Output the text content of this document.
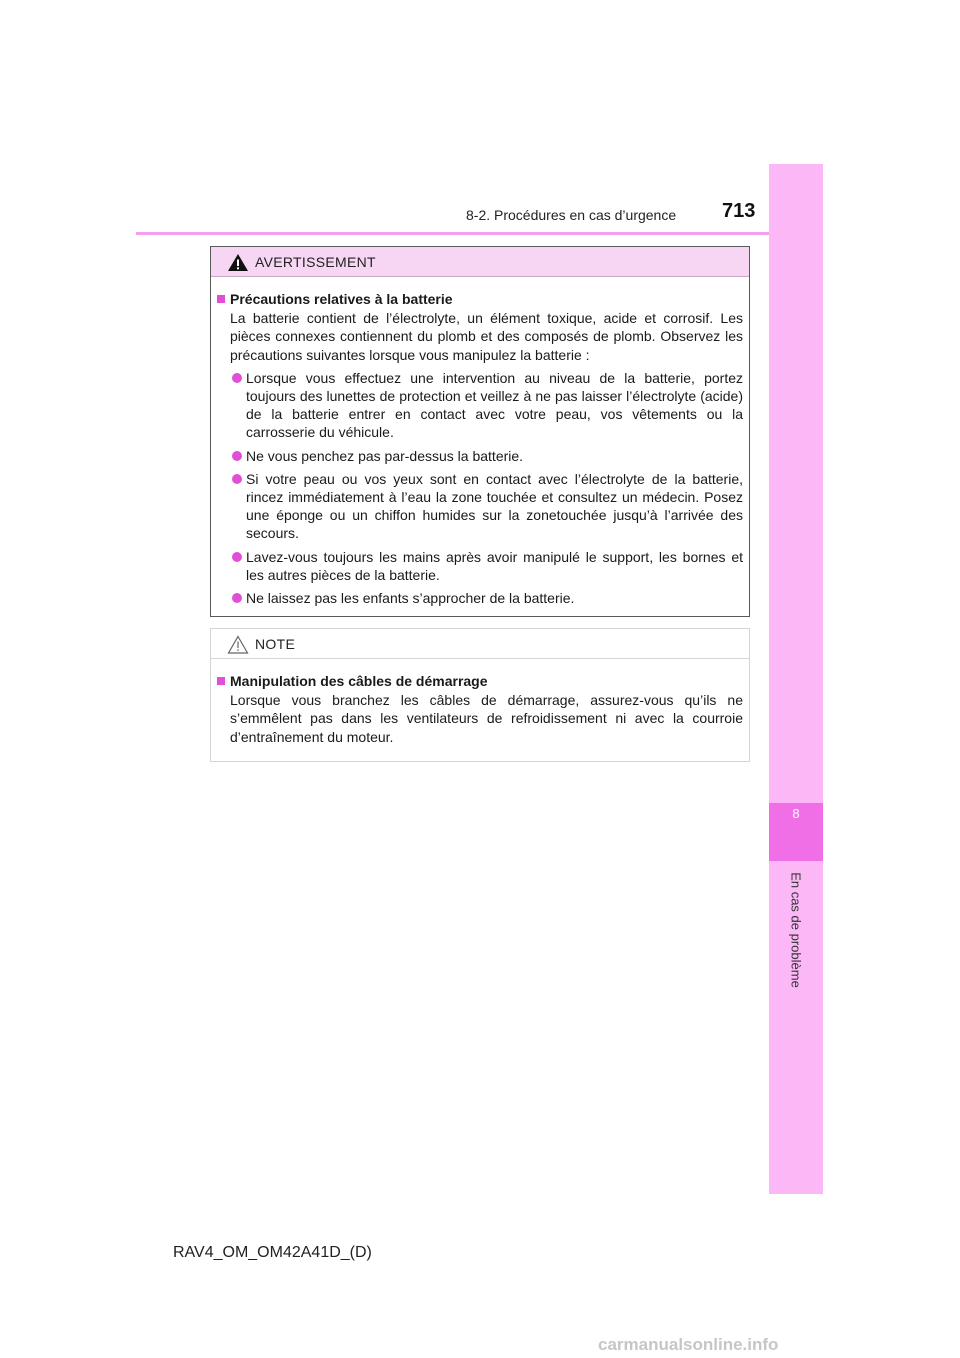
8-2. Procédures en cas d’urgence 713
8
En cas de problème
AVERTISSEMENT
Précautions relatives à la batterie
La batterie contient de l’électrolyte, un élément toxique, acide et corrosif. Les pièces connexes contiennent du plomb et des composés de plomb. Observez les précautions suivantes lorsque vous manipulez la batterie :
Lorsque vous effectuez une intervention au niveau de la batterie, portez toujours des lunettes de protection et veillez à ne pas laisser l’électrolyte (acide) de la batterie entrer en contact avec votre peau, vos vêtements ou la carrosserie du véhicule.
Ne vous penchez pas par-dessus la batterie.
Si votre peau ou vos yeux sont en contact avec l’électrolyte de la batterie, rincez immédiatement à l’eau la zone touchée et consultez un médecin. Posez une éponge ou un chiffon humides sur la zonetouchée jusqu’à l’arrivée des secours.
Lavez-vous toujours les mains après avoir manipulé le support, les bornes et les autres pièces de la batterie.
Ne laissez pas les enfants s’approcher de la batterie.
NOTE
Manipulation des câbles de démarrage
Lorsque vous branchez les câbles de démarrage, assurez-vous qu’ils ne s’emmêlent pas dans les ventilateurs de refroidissement ni avec la courroie d’entraînement du moteur.
RAV4_OM_OM42A41D_(D)
carmanualsonline.info
